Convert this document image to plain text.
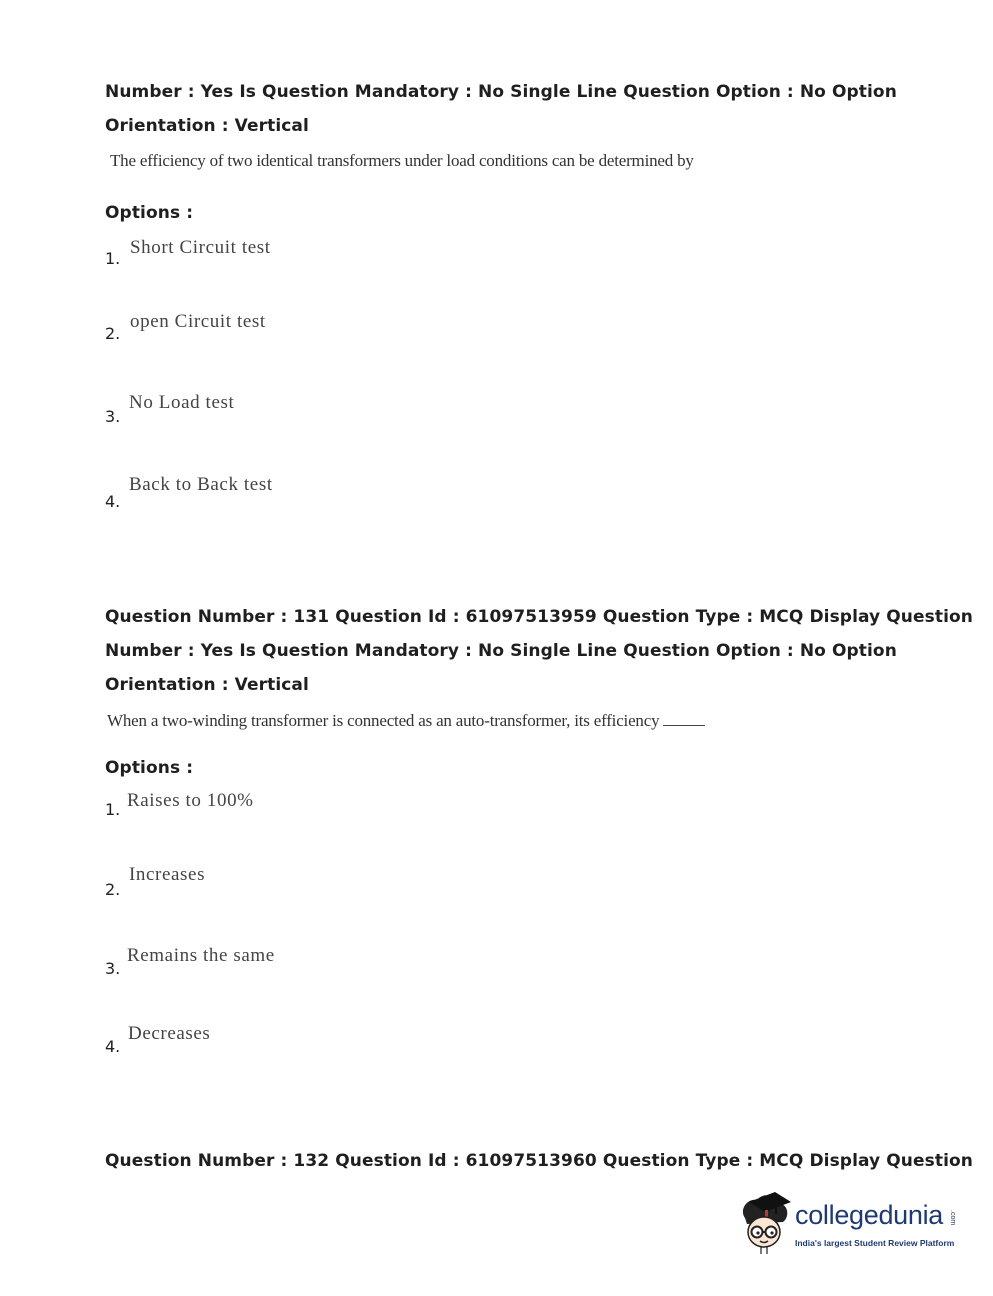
Number : Yes Is Question Mandatory : No Single Line Question Option : No Option
Orientation : Vertical
The efficiency of two identical transformers under load conditions can be determined by
Options :
1.
Short Circuit test
2.
open Circuit test
3.
No Load test
4.
Back to Back test
Question Number : 131 Question Id : 61097513959 Question Type : MCQ Display Question
Number : Yes Is Question Mandatory : No Single Line Question Option : No Option
Orientation : Vertical
When a two-winding transformer is connected as an auto-transformer, its efficiency
Options :
1. Raises to 100%
2.
Increases
3.
Remains the same
4.
Decreases
Question Number : 132 Question Id : 61097513960 Question Type : MCQ Display Question
collegedunia .com
India's largest Student Review Platform
